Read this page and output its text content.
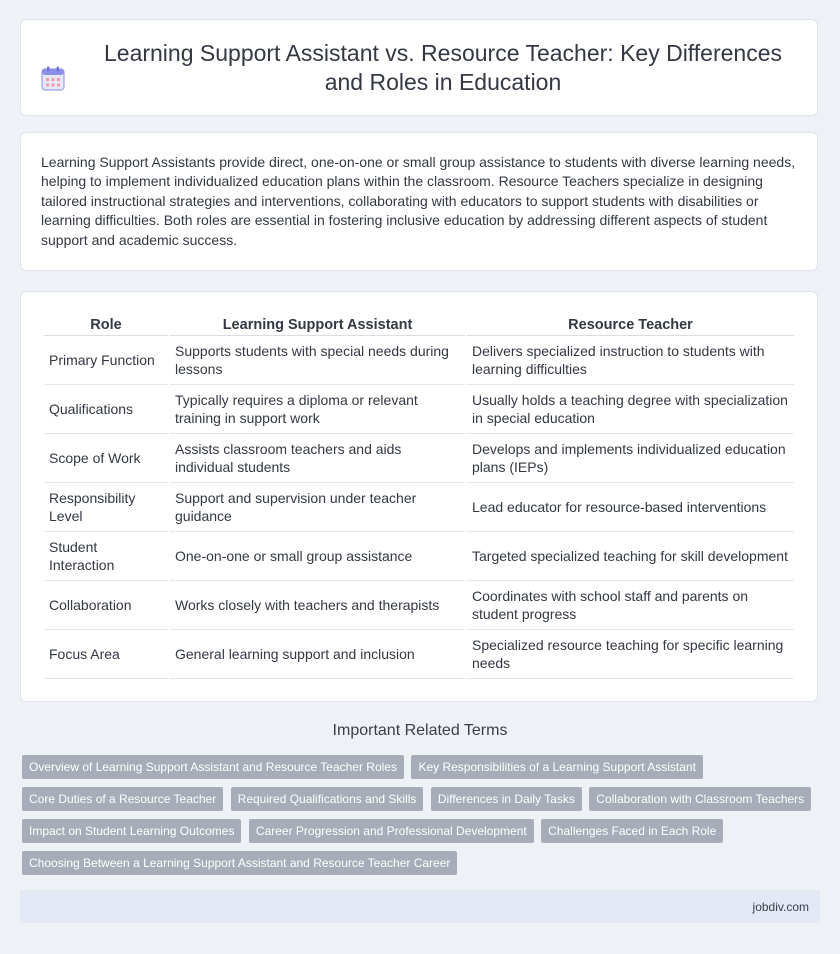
Learning Support Assistant vs. Resource Teacher: Key Differences and Roles in Education

Learning Support Assistants provide direct, one-on-one or small group assistance to students with diverse learning needs, helping to implement individualized education plans within the classroom. Resource Teachers specialize in designing tailored instructional strategies and interventions, collaborating with educators to support students with disabilities or learning difficulties. Both roles are essential in fostering inclusive education by addressing different aspects of student support and academic success.

Role	Learning Support Assistant	Resource Teacher
Primary Function	Supports students with special needs during lessons	Delivers specialized instruction to students with learning difficulties
Qualifications	Typically requires a diploma or relevant training in support work	Usually holds a teaching degree with specialization in special education
Scope of Work	Assists classroom teachers and aids individual students	Develops and implements individualized education plans (IEPs)
Responsibility Level	Support and supervision under teacher guidance	Lead educator for resource-based interventions
Student Interaction	One-on-one or small group assistance	Targeted specialized teaching for skill development
Collaboration	Works closely with teachers and therapists	Coordinates with school staff and parents on student progress
Focus Area	General learning support and inclusion	Specialized resource teaching for specific learning needs
Important Related Terms
Overview of Learning Support Assistant and Resource Teacher Roles Key Responsibilities of a Learning Support Assistant Core Duties of a Resource Teacher Required Qualifications and Skills Differences in Daily Tasks Collaboration with Classroom Teachers Impact on Student Learning Outcomes Career Progression and Professional Development Challenges Faced in Each Role Choosing Between a Learning Support Assistant and Resource Teacher Career
jobdiv.com
